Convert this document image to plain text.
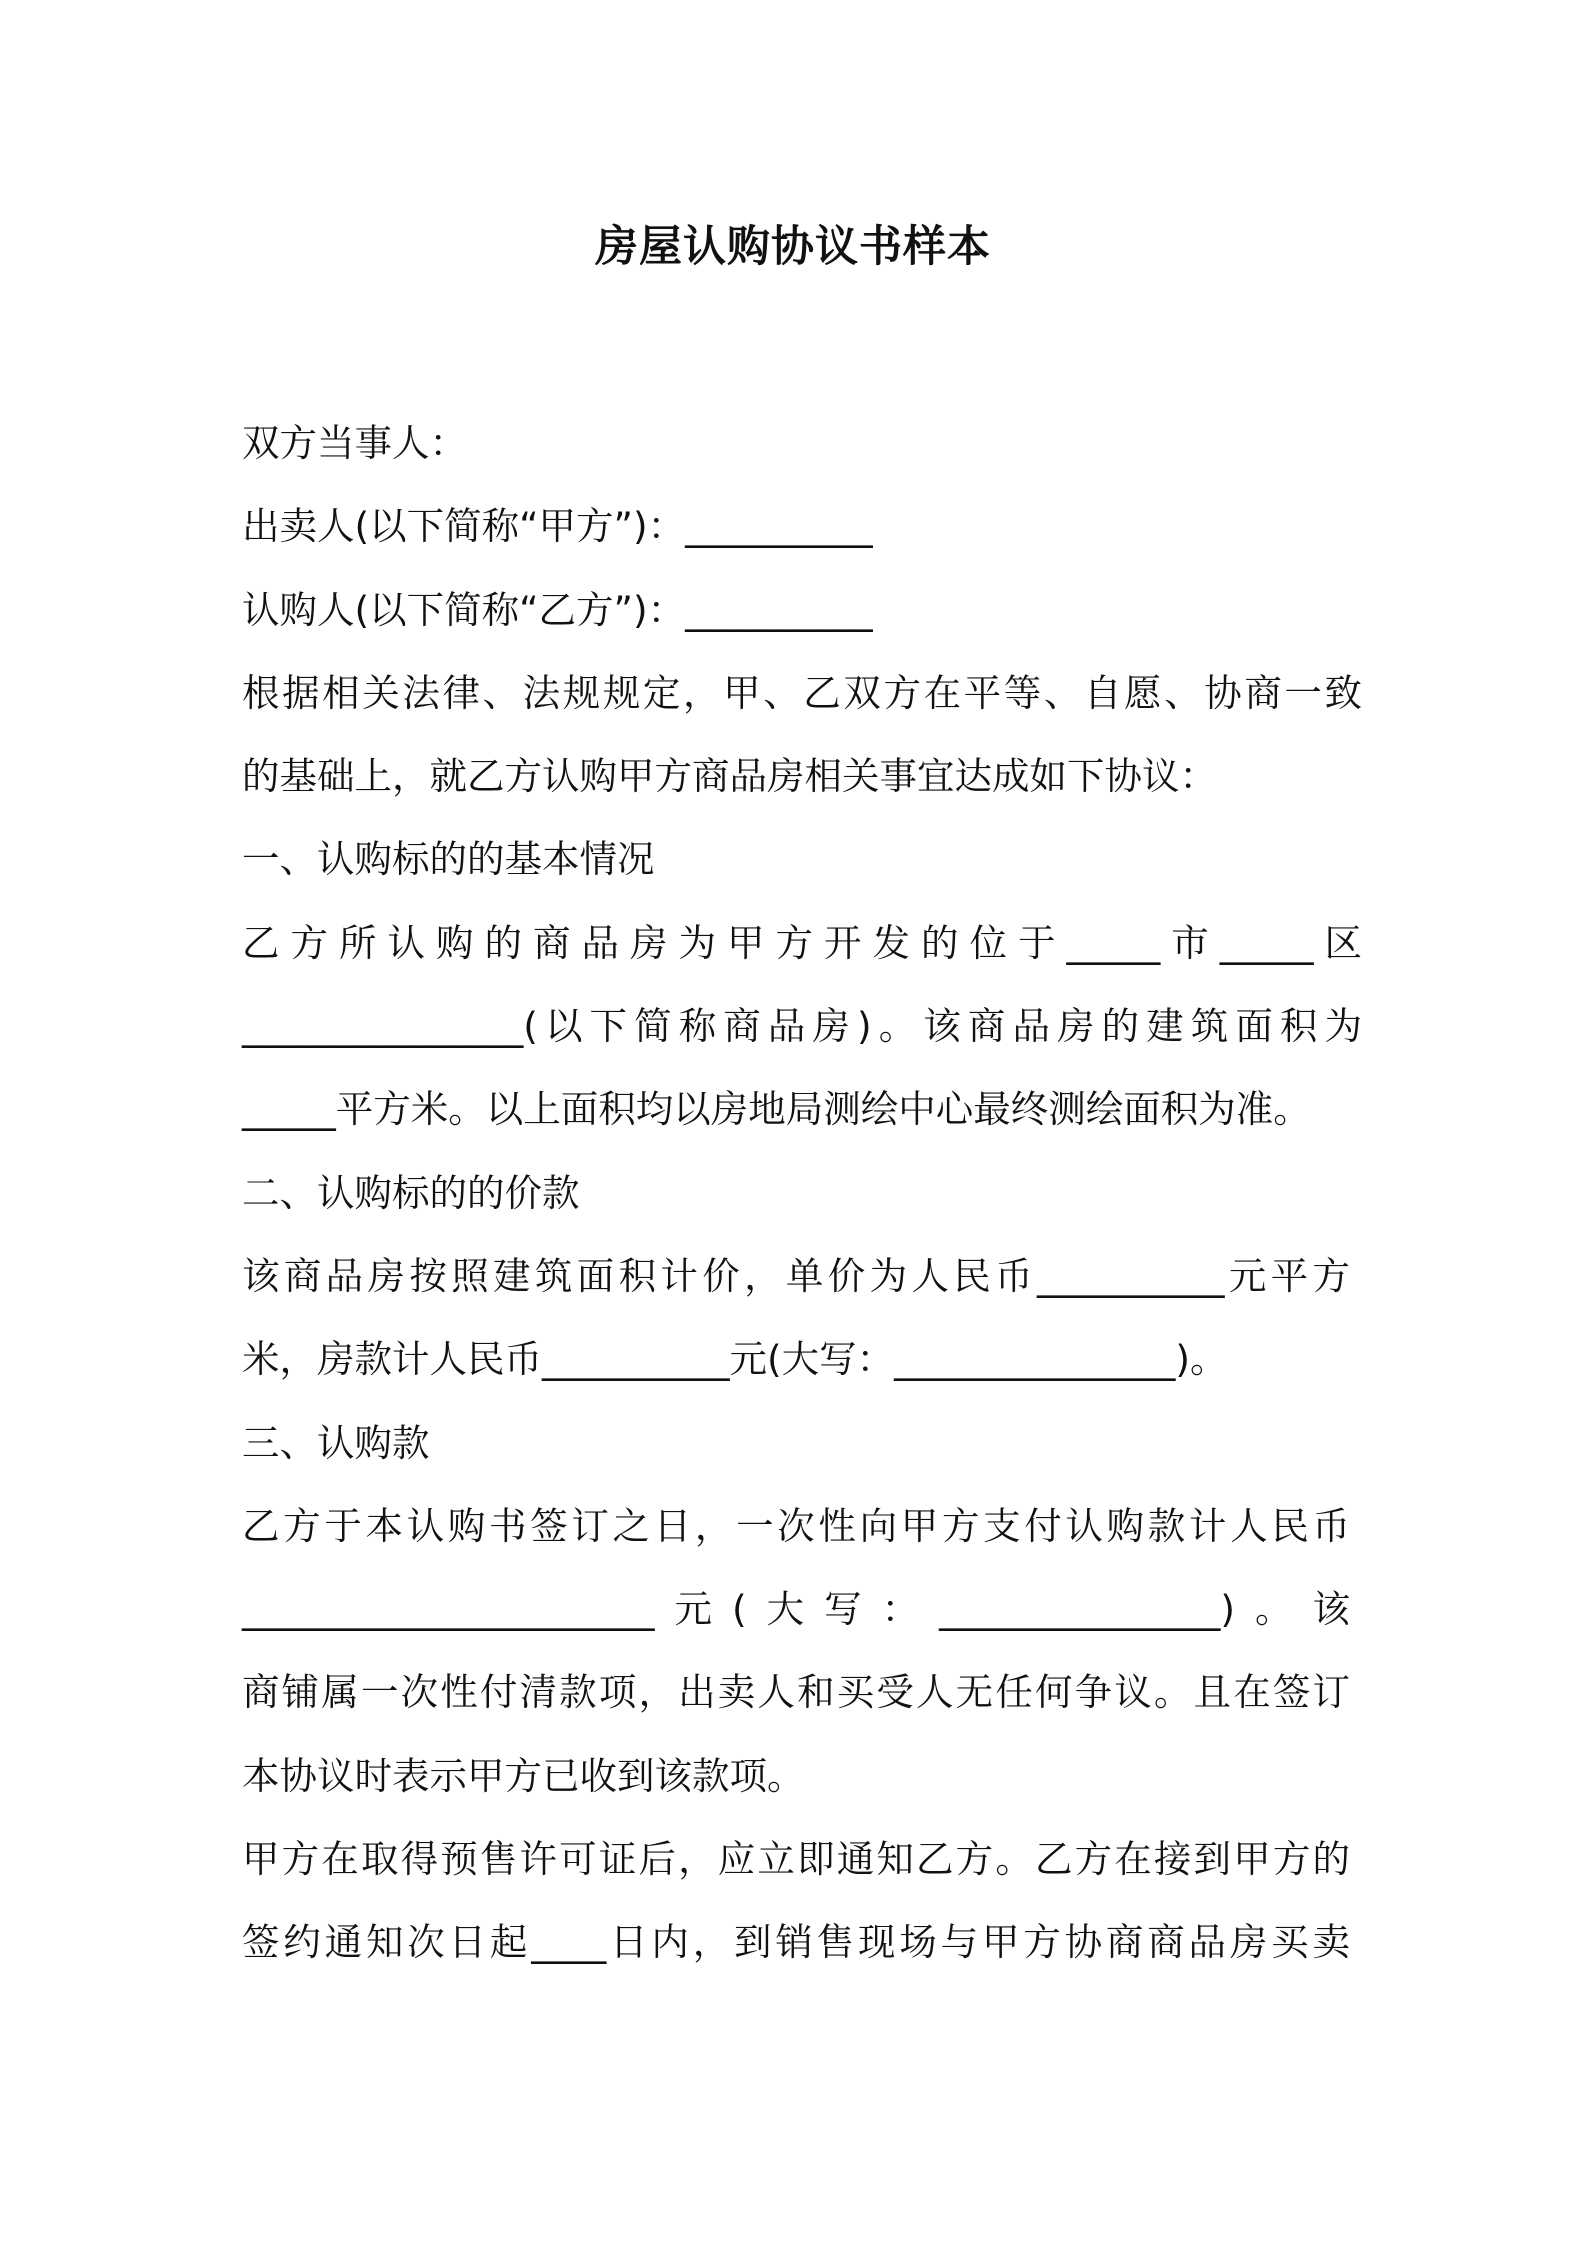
房屋认购协议书样本
双方当事人：
出卖人(以下简称“甲方”)：__________
认购人(以下简称“乙方”)：__________
根据相关法律、法规规定，甲、乙双方在平等、自愿、协商一致
的基础上，就乙方认购甲方商品房相关事宜达成如下协议：
一、认购标的的基本情况
乙方所认购的商品房为甲方开发的位于_____市_____区
_______________(以下简称商品房)。该商品房的建筑面积为
_____平方米。以上面积均以房地局测绘中心最终测绘面积为准。
二、认购标的的价款
该商品房按照建筑面积计价，单价为人民币__________元平方
米，房款计人民币__________元(大写：_______________)。
三、认购款
乙方于本认购书签订之日，一次性向甲方支付认购款计人民币
______________________元(大写：_______________)。该
商铺属一次性付清款项，出卖人和买受人无任何争议。且在签订
本协议时表示甲方已收到该款项。
甲方在取得预售许可证后，应立即通知乙方。乙方在接到甲方的
签约通知次日起____日内，到销售现场与甲方协商商品房买卖
